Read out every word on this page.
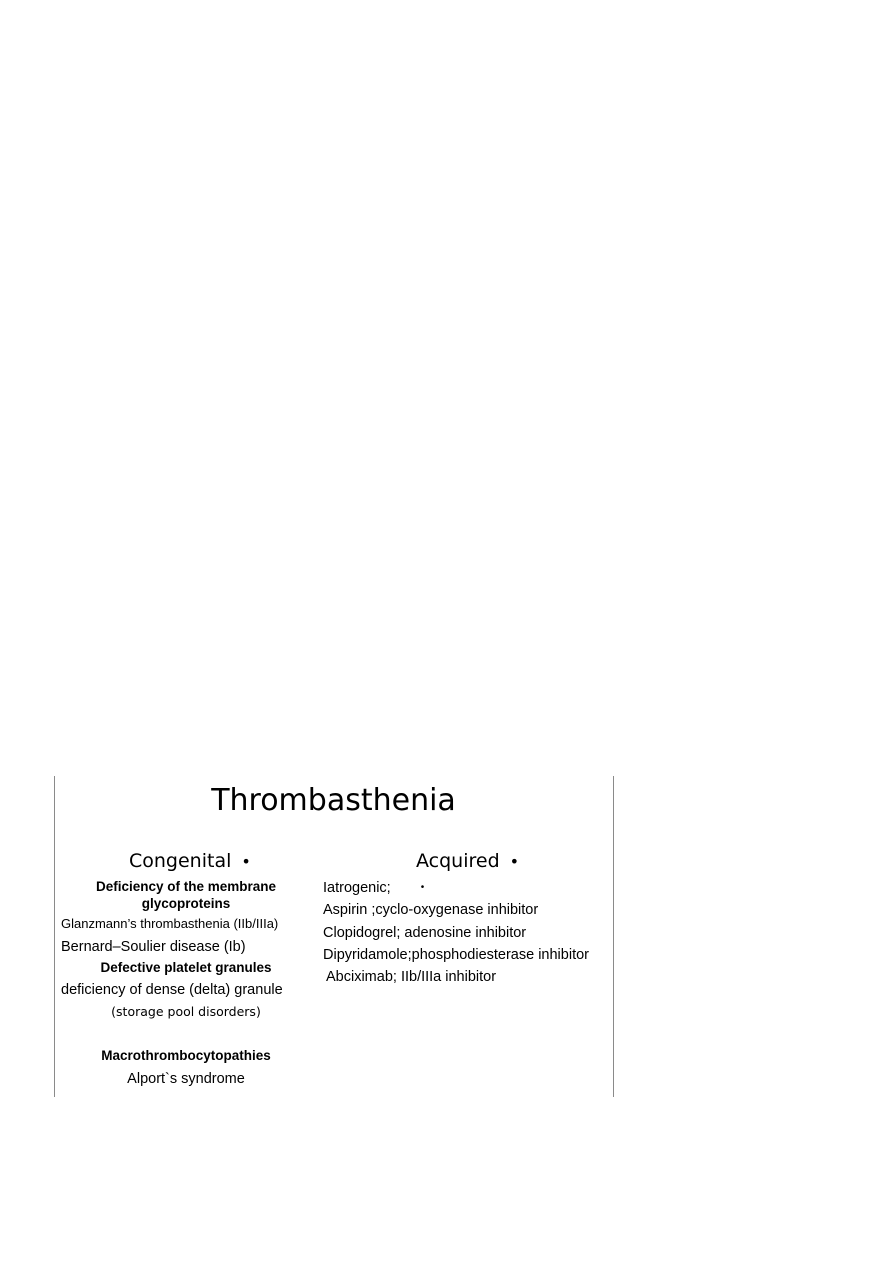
Thrombasthenia
Congenital •	Acquired •
Deficiency of the membrane
glycoproteins
Glanzmann’s thrombasthenia (IIb/IIIa)
Bernard–Soulier disease (Ib)
Defective platelet granules
deficiency of dense (delta) granule
(storage pool disorders)
Macrothrombocytopathies
Alport`s syndrome
Iatrogenic;	•
Aspirin ;cyclo-oxygenase inhibitor
Clopidogrel; adenosine inhibitor
Dipyridamole;phosphodiesterase inhibitor
Abciximab; IIb/IIIa inhibitor
